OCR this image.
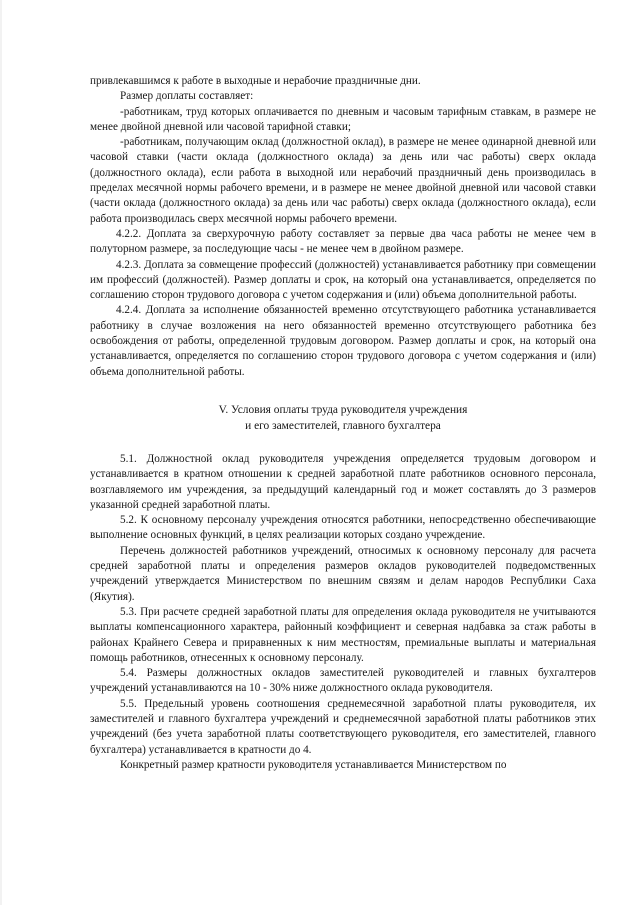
привлекавшимся к работе в выходные и нерабочие праздничные дни.

Размер доплаты составляет:

-работникам, труд которых оплачивается по дневным и часовым тарифным ставкам, в размере не менее двойной дневной или часовой тарифной ставки;

-работникам, получающим оклад (должностной оклад), в размере не менее одинарной дневной или часовой ставки (части оклада (должностного оклада) за день или час работы) сверх оклада (должностного оклада), если работа в выходной или нерабочий праздничный день производилась в пределах месячной нормы рабочего времени, и в размере не менее двойной дневной или часовой ставки (части оклада (должностного оклада) за день или час работы) сверх оклада (должностного оклада), если работа производилась сверх месячной нормы рабочего времени.

4.2.2. Доплата за сверхурочную работу составляет за первые два часа работы не менее чем в полуторном размере, за последующие часы - не менее чем в двойном размере.

4.2.3. Доплата за совмещение профессий (должностей) устанавливается работнику при совмещении им профессий (должностей). Размер доплаты и срок, на который она устанавливается, определяется по соглашению сторон трудового договора с учетом содержания и (или) объема дополнительной работы.

4.2.4. Доплата за исполнение обязанностей временно отсутствующего работника устанавливается работнику в случае возложения на него обязанностей временно отсутствующего работника без освобождения от работы, определенной трудовым договором. Размер доплаты и срок, на который она устанавливается, определяется по соглашению сторон трудового договора с учетом содержания и (или) объема дополнительной работы.

V. Условия оплаты труда руководителя учреждения
и его заместителей, главного бухгалтера

5.1. Должностной оклад руководителя учреждения определяется трудовым договором и устанавливается в кратном отношении к средней заработной плате работников основного персонала, возглавляемого им учреждения, за предыдущий календарный год и может составлять до 3 размеров указанной средней заработной платы.

5.2. К основному персоналу учреждения относятся работники, непосредственно обеспечивающие выполнение основных функций, в целях реализации которых создано учреждение.

Перечень должностей работников учреждений, относимых к основному персоналу для расчета средней заработной платы и определения размеров окладов руководителей подведомственных учреждений утверждается Министерством по внешним связям и делам народов Республики Саха (Якутия).

5.3. При расчете средней заработной платы для определения оклада руководителя не учитываются выплаты компенсационного характера, районный коэффициент и северная надбавка за стаж работы в районах Крайнего Севера и приравненных к ним местностям, премиальные выплаты и материальная помощь работников, отнесенных к основному персоналу.

5.4. Размеры должностных окладов заместителей руководителей и главных бухгалтеров учреждений устанавливаются на 10 - 30% ниже должностного оклада руководителя.

5.5. Предельный уровень соотношения среднемесячной заработной платы руководителя, их заместителей и главного бухгалтера учреждений и среднемесячной заработной платы работников этих учреждений (без учета заработной платы соответствующего руководителя, его заместителей, главного бухгалтера) устанавливается в кратности до 4.

Конкретный размер кратности руководителя устанавливается Министерством по
